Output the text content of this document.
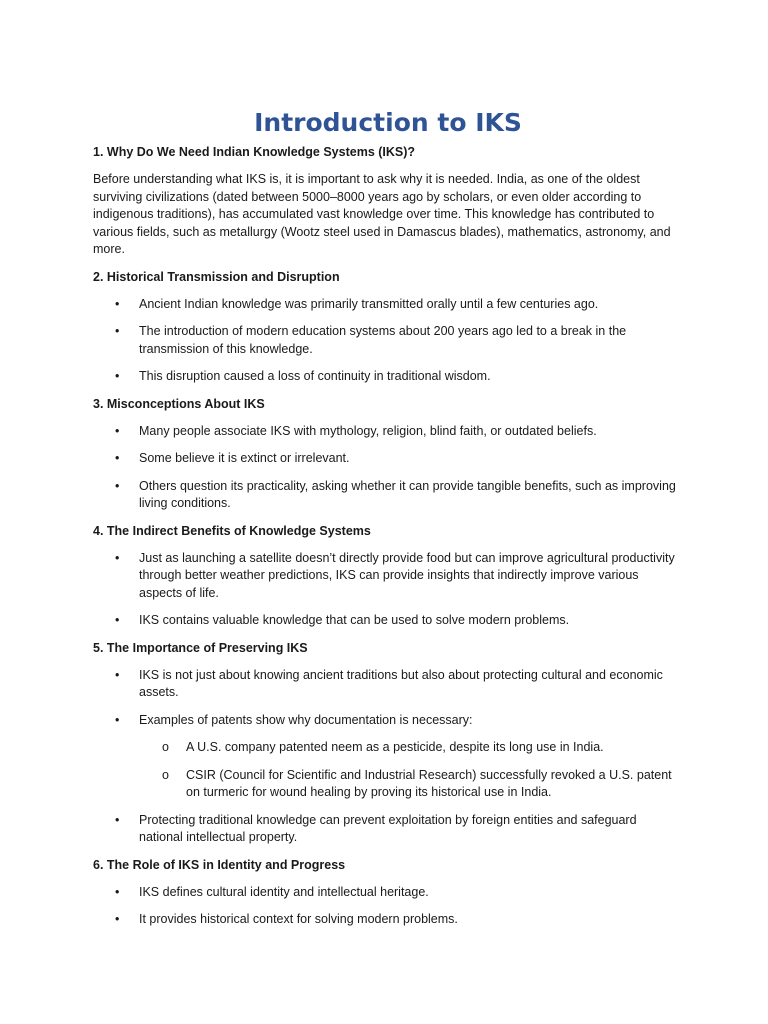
Introduction to IKS

1. Why Do We Need Indian Knowledge Systems (IKS)?

Before understanding what IKS is, it is important to ask why it is needed. India, as one of the oldest surviving civilizations (dated between 5000–8000 years ago by scholars, or even older according to indigenous traditions), has accumulated vast knowledge over time. This knowledge has contributed to various fields, such as metallurgy (Wootz steel used in Damascus blades), mathematics, astronomy, and more.

2. Historical Transmission and Disruption

• Ancient Indian knowledge was primarily transmitted orally until a few centuries ago.
• The introduction of modern education systems about 200 years ago led to a break in the transmission of this knowledge.
• This disruption caused a loss of continuity in traditional wisdom.

3. Misconceptions About IKS

• Many people associate IKS with mythology, religion, blind faith, or outdated beliefs.
• Some believe it is extinct or irrelevant.
• Others question its practicality, asking whether it can provide tangible benefits, such as improving living conditions.

4. The Indirect Benefits of Knowledge Systems

• Just as launching a satellite doesn’t directly provide food but can improve agricultural productivity through better weather predictions, IKS can provide insights that indirectly improve various aspects of life.
• IKS contains valuable knowledge that can be used to solve modern problems.

5. The Importance of Preserving IKS

• IKS is not just about knowing ancient traditions but also about protecting cultural and economic assets.
• Examples of patents show why documentation is necessary:
o A U.S. company patented neem as a pesticide, despite its long use in India.
o CSIR (Council for Scientific and Industrial Research) successfully revoked a U.S. patent on turmeric for wound healing by proving its historical use in India.
• Protecting traditional knowledge can prevent exploitation by foreign entities and safeguard national intellectual property.

6. The Role of IKS in Identity and Progress

• IKS defines cultural identity and intellectual heritage.
• It provides historical context for solving modern problems.
